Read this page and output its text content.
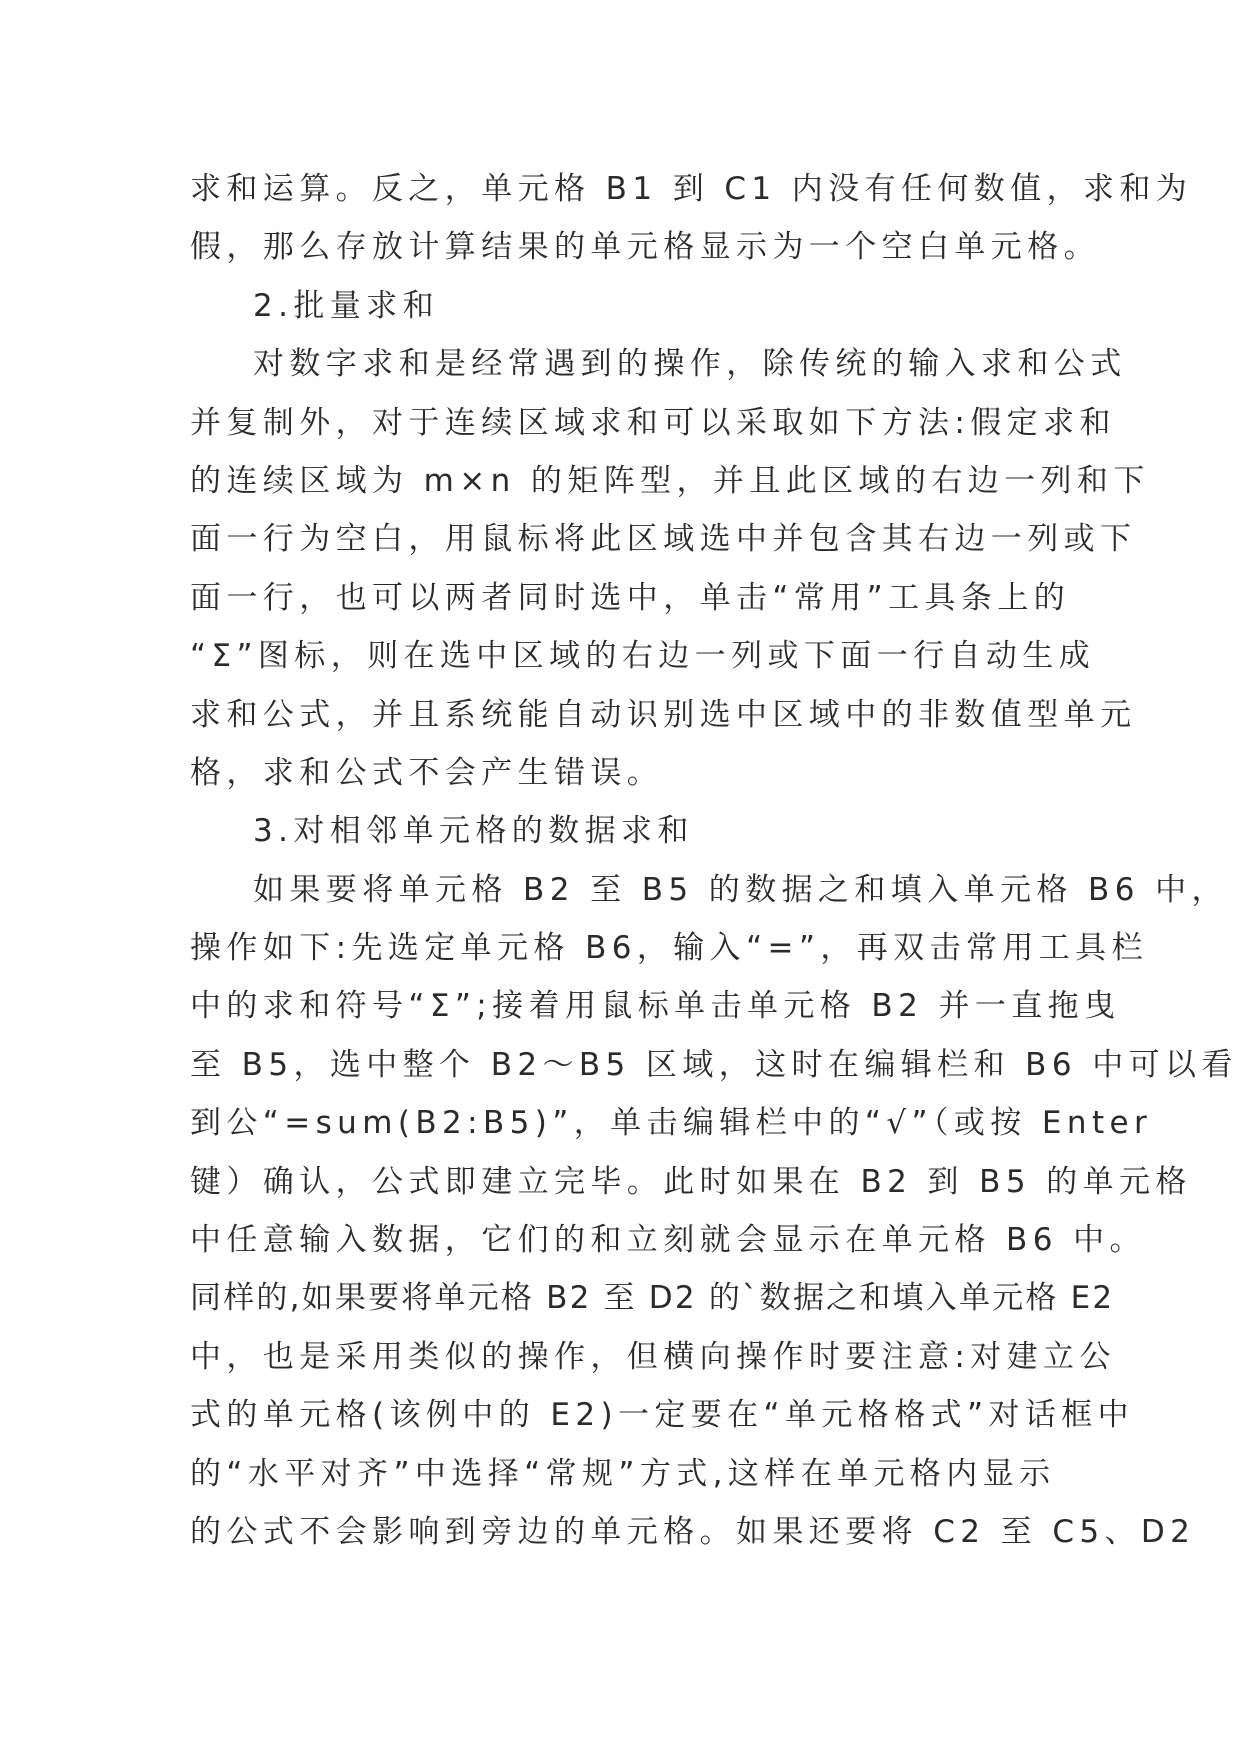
求和运算。反之，单元格 B1 到 C1 内没有任何数值，求和为
假，那么存放计算结果的单元格显示为一个空白单元格。
2.批量求和
对数字求和是经常遇到的操作，除传统的输入求和公式
并复制外，对于连续区域求和可以采取如下方法:假定求和
的连续区域为 m×n 的矩阵型，并且此区域的右边一列和下
面一行为空白，用鼠标将此区域选中并包含其右边一列或下
面一行，也可以两者同时选中，单击“常用”工具条上的
“Σ”图标，则在选中区域的右边一列或下面一行自动生成
求和公式，并且系统能自动识别选中区域中的非数值型单元
格，求和公式不会产生错误。
3.对相邻单元格的数据求和
如果要将单元格 B2 至 B5 的数据之和填入单元格 B6 中，
操作如下:先选定单元格 B6，输入“=”，再双击常用工具栏
中的求和符号“Σ”;接着用鼠标单击单元格 B2 并一直拖曳
至 B5，选中整个 B2～B5 区域，这时在编辑栏和 B6 中可以看
到公“=sum(B2:B5)”，单击编辑栏中的“√”（或按 Enter
键）确认，公式即建立完毕。此时如果在 B2 到 B5 的单元格
中任意输入数据，它们的和立刻就会显示在单元格 B6 中。
同样的,如果要将单元格 B2 至 D2 的`数据之和填入单元格 E2
中，也是采用类似的操作，但横向操作时要注意:对建立公
式的单元格(该例中的 E2)一定要在“单元格格式”对话框中
的“水平对齐”中选择“常规”方式,这样在单元格内显示
的公式不会影响到旁边的单元格。如果还要将 C2 至 C5、D2
